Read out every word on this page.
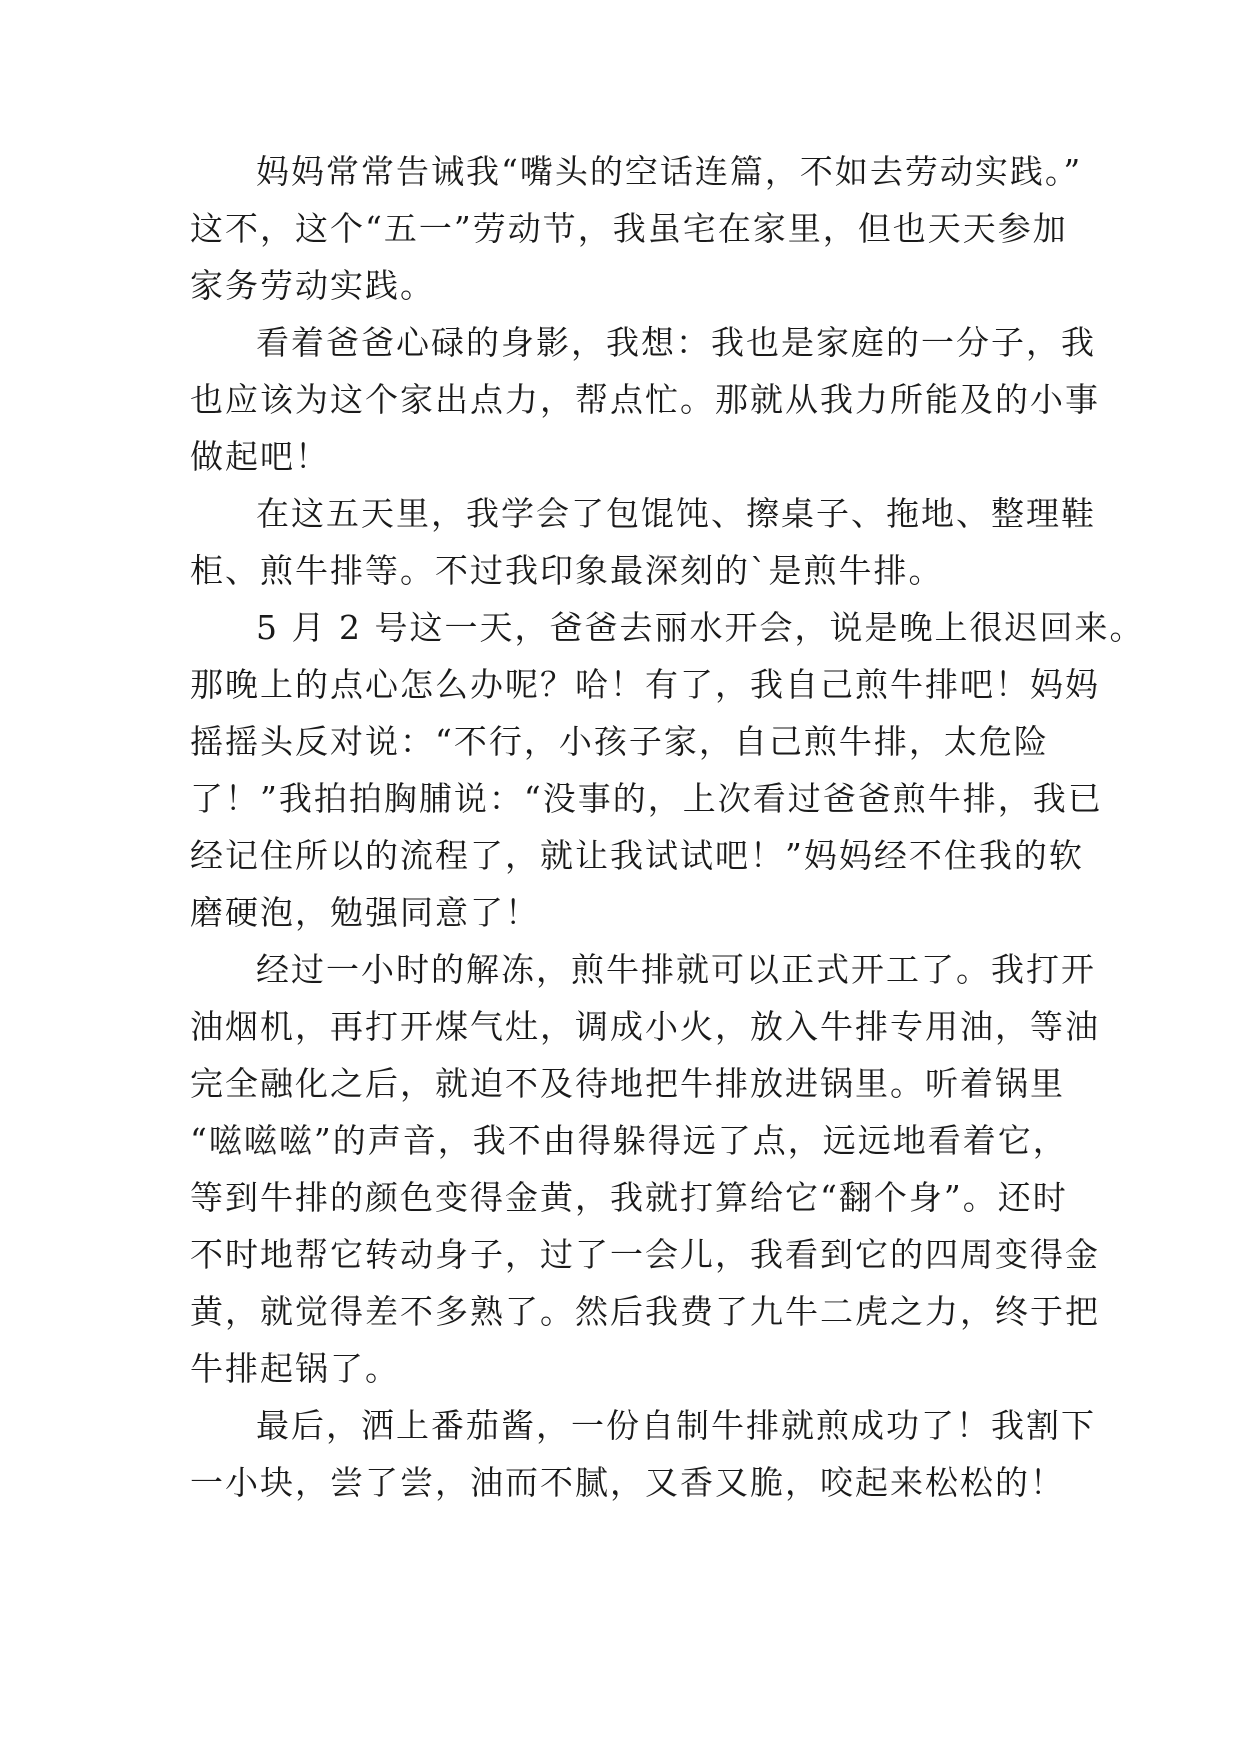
妈妈常常告诫我“嘴头的空话连篇，不如去劳动实践。”
这不，这个“五一”劳动节，我虽宅在家里，但也天天参加
家务劳动实践。
看着爸爸心碌的身影，我想：我也是家庭的一分子，我
也应该为这个家出点力，帮点忙。那就从我力所能及的小事
做起吧！
在这五天里，我学会了包馄饨、擦桌子、拖地、整理鞋
柜、煎牛排等。不过我印象最深刻的`是煎牛排。
5 月 2 号这一天，爸爸去丽水开会，说是晚上很迟回来。
那晚上的点心怎么办呢？哈！有了，我自己煎牛排吧！妈妈
摇摇头反对说：“不行，小孩子家，自己煎牛排，太危险
了！”我拍拍胸脯说：“没事的，上次看过爸爸煎牛排，我已
经记住所以的流程了，就让我试试吧！”妈妈经不住我的软
磨硬泡，勉强同意了！
经过一小时的解冻，煎牛排就可以正式开工了。我打开
油烟机，再打开煤气灶，调成小火，放入牛排专用油，等油
完全融化之后，就迫不及待地把牛排放进锅里。听着锅里
“嗞嗞嗞”的声音，我不由得躲得远了点，远远地看着它，
等到牛排的颜色变得金黄，我就打算给它“翻个身”。还时
不时地帮它转动身子，过了一会儿，我看到它的四周变得金
黄，就觉得差不多熟了。然后我费了九牛二虎之力，终于把
牛排起锅了。
最后，洒上番茄酱，一份自制牛排就煎成功了！我割下
一小块，尝了尝，油而不腻，又香又脆，咬起来松松的！
